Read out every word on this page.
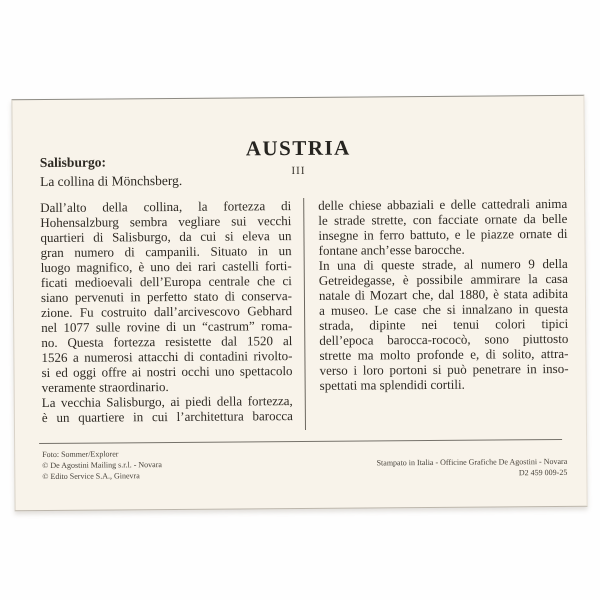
AUSTRIA
III
Salisburgo:
La collina di Mönchsberg.
Dall’alto della collina, la fortezza di
Hohensalzburg sembra vegliare sui vecchi
quartieri di Salisburgo, da cui si eleva un
gran numero di campanili. Situato in un
luogo magnifico, è uno dei rari castelli forti-
ficati medioevali dell’Europa centrale che ci
siano pervenuti in perfetto stato di conserva-
zione. Fu costruito dall’arcivescovo Gebhard
nel 1077 sulle rovine di un “castrum” roma-
no. Questa fortezza resistette dal 1520 al
1526 a numerosi attacchi di contadini rivolto-
si ed oggi offre ai nostri occhi uno spettacolo
veramente straordinario.
La vecchia Salisburgo, ai piedi della fortezza,
è un quartiere in cui l’architettura barocca
delle chiese abbaziali e delle cattedrali anima
le strade strette, con facciate ornate da belle
insegne in ferro battuto, e le piazze ornate di
fontane anch’esse barocche.
In una di queste strade, al numero 9 della
Getreidegasse, è possibile ammirare la casa
natale di Mozart che, dal 1880, è stata adibita
a museo. Le case che si innalzano in questa
strada, dipinte nei tenui colori tipici
dell’epoca barocca-rococò, sono piuttosto
strette ma molto profonde e, di solito, attra-
verso i loro portoni si può penetrare in inso-
spettati ma splendidi cortili.
Foto: Sommer/Explorer
© De Agostini Mailing s.r.l. - Novara
© Edito Service S.A., Ginevra
Stampato in Italia - Officine Grafiche De Agostini - Novara
D2 459 009-25
